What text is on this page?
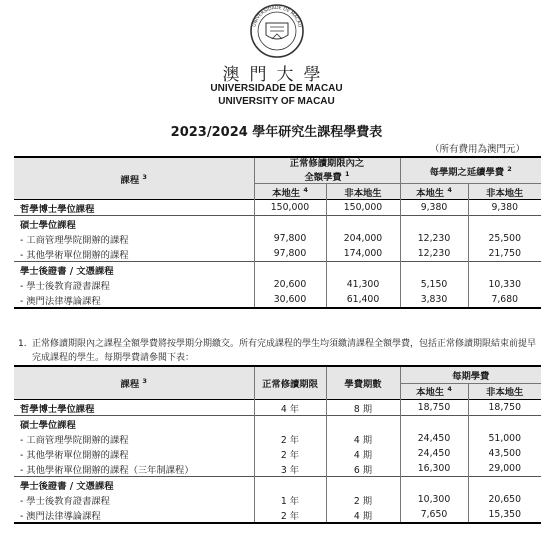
UNIVERSIDADE DE MACAU
澳門大學
UNIVERSIDADE DE MACAU
UNIVERSITY OF MACAU
2023/2024 學年研究生課程學費表
（所有費用為澳門元）
課程 $^3$	正常修讀期限內之
全額學費 $^1$		每學期之延續學費 $^2$
	本地生 $^4$	非本地生	本地生 $^4$	非本地生
哲學博士學位課程	150,000	150,000	9,380	9,380
碩士學位課程				
- 工商管理學院開辦的課程	97,800	204,000	12,230	25,500
- 其他學術單位開辦的課程	97,800	174,000	12,230	21,750
學士後證書 / 文憑課程				
- 學士後教育證書課程	20,600	41,300	5,150	10,330
- 澳門法律導論課程	30,600	61,400	3,830	7,680
1. 正常修讀期限內之課程全額學費將按學期分期繳交。所有完成課程的學生均須繳清課程全額學費，包括正常修讀期限結束前提早完成課程的學生。每期學費請參閱下表：
課程 $^3$	正常修讀期限	學費期數	每期學費	
			本地生 $^4$	非本地生
哲學博士學位課程	4 年	8 期	18,750	18,750
碩士學位課程				
- 工商管理學院開辦的課程	2 年	4 期	24,450	51,000
- 其他學術單位開辦的課程	2 年	4 期	24,450	43,500
- 其他學術單位開辦的課程（三年制課程）	3 年	6 期	16,300	29,000
學士後證書 / 文憑課程				
- 學士後教育證書課程	1 年	2 期	10,300	20,650
- 澳門法律導論課程	2 年	4 期	7,650	15,350
